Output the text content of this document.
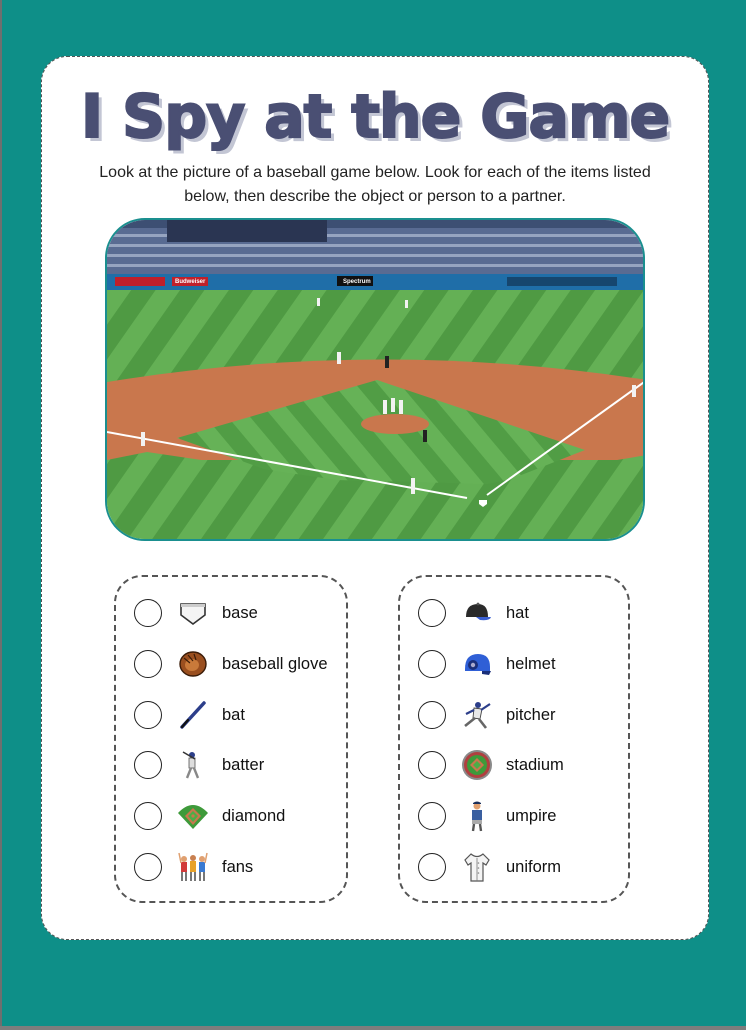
I Spy at the Game
Look at the picture of a baseball game below. Look for each of the items listed below, then describe the object or person to a partner.
Spectrum
Budweiser
base
baseball glove
bat
batter
diamond
fans
hat
helmet
pitcher
stadium
umpire
uniform
